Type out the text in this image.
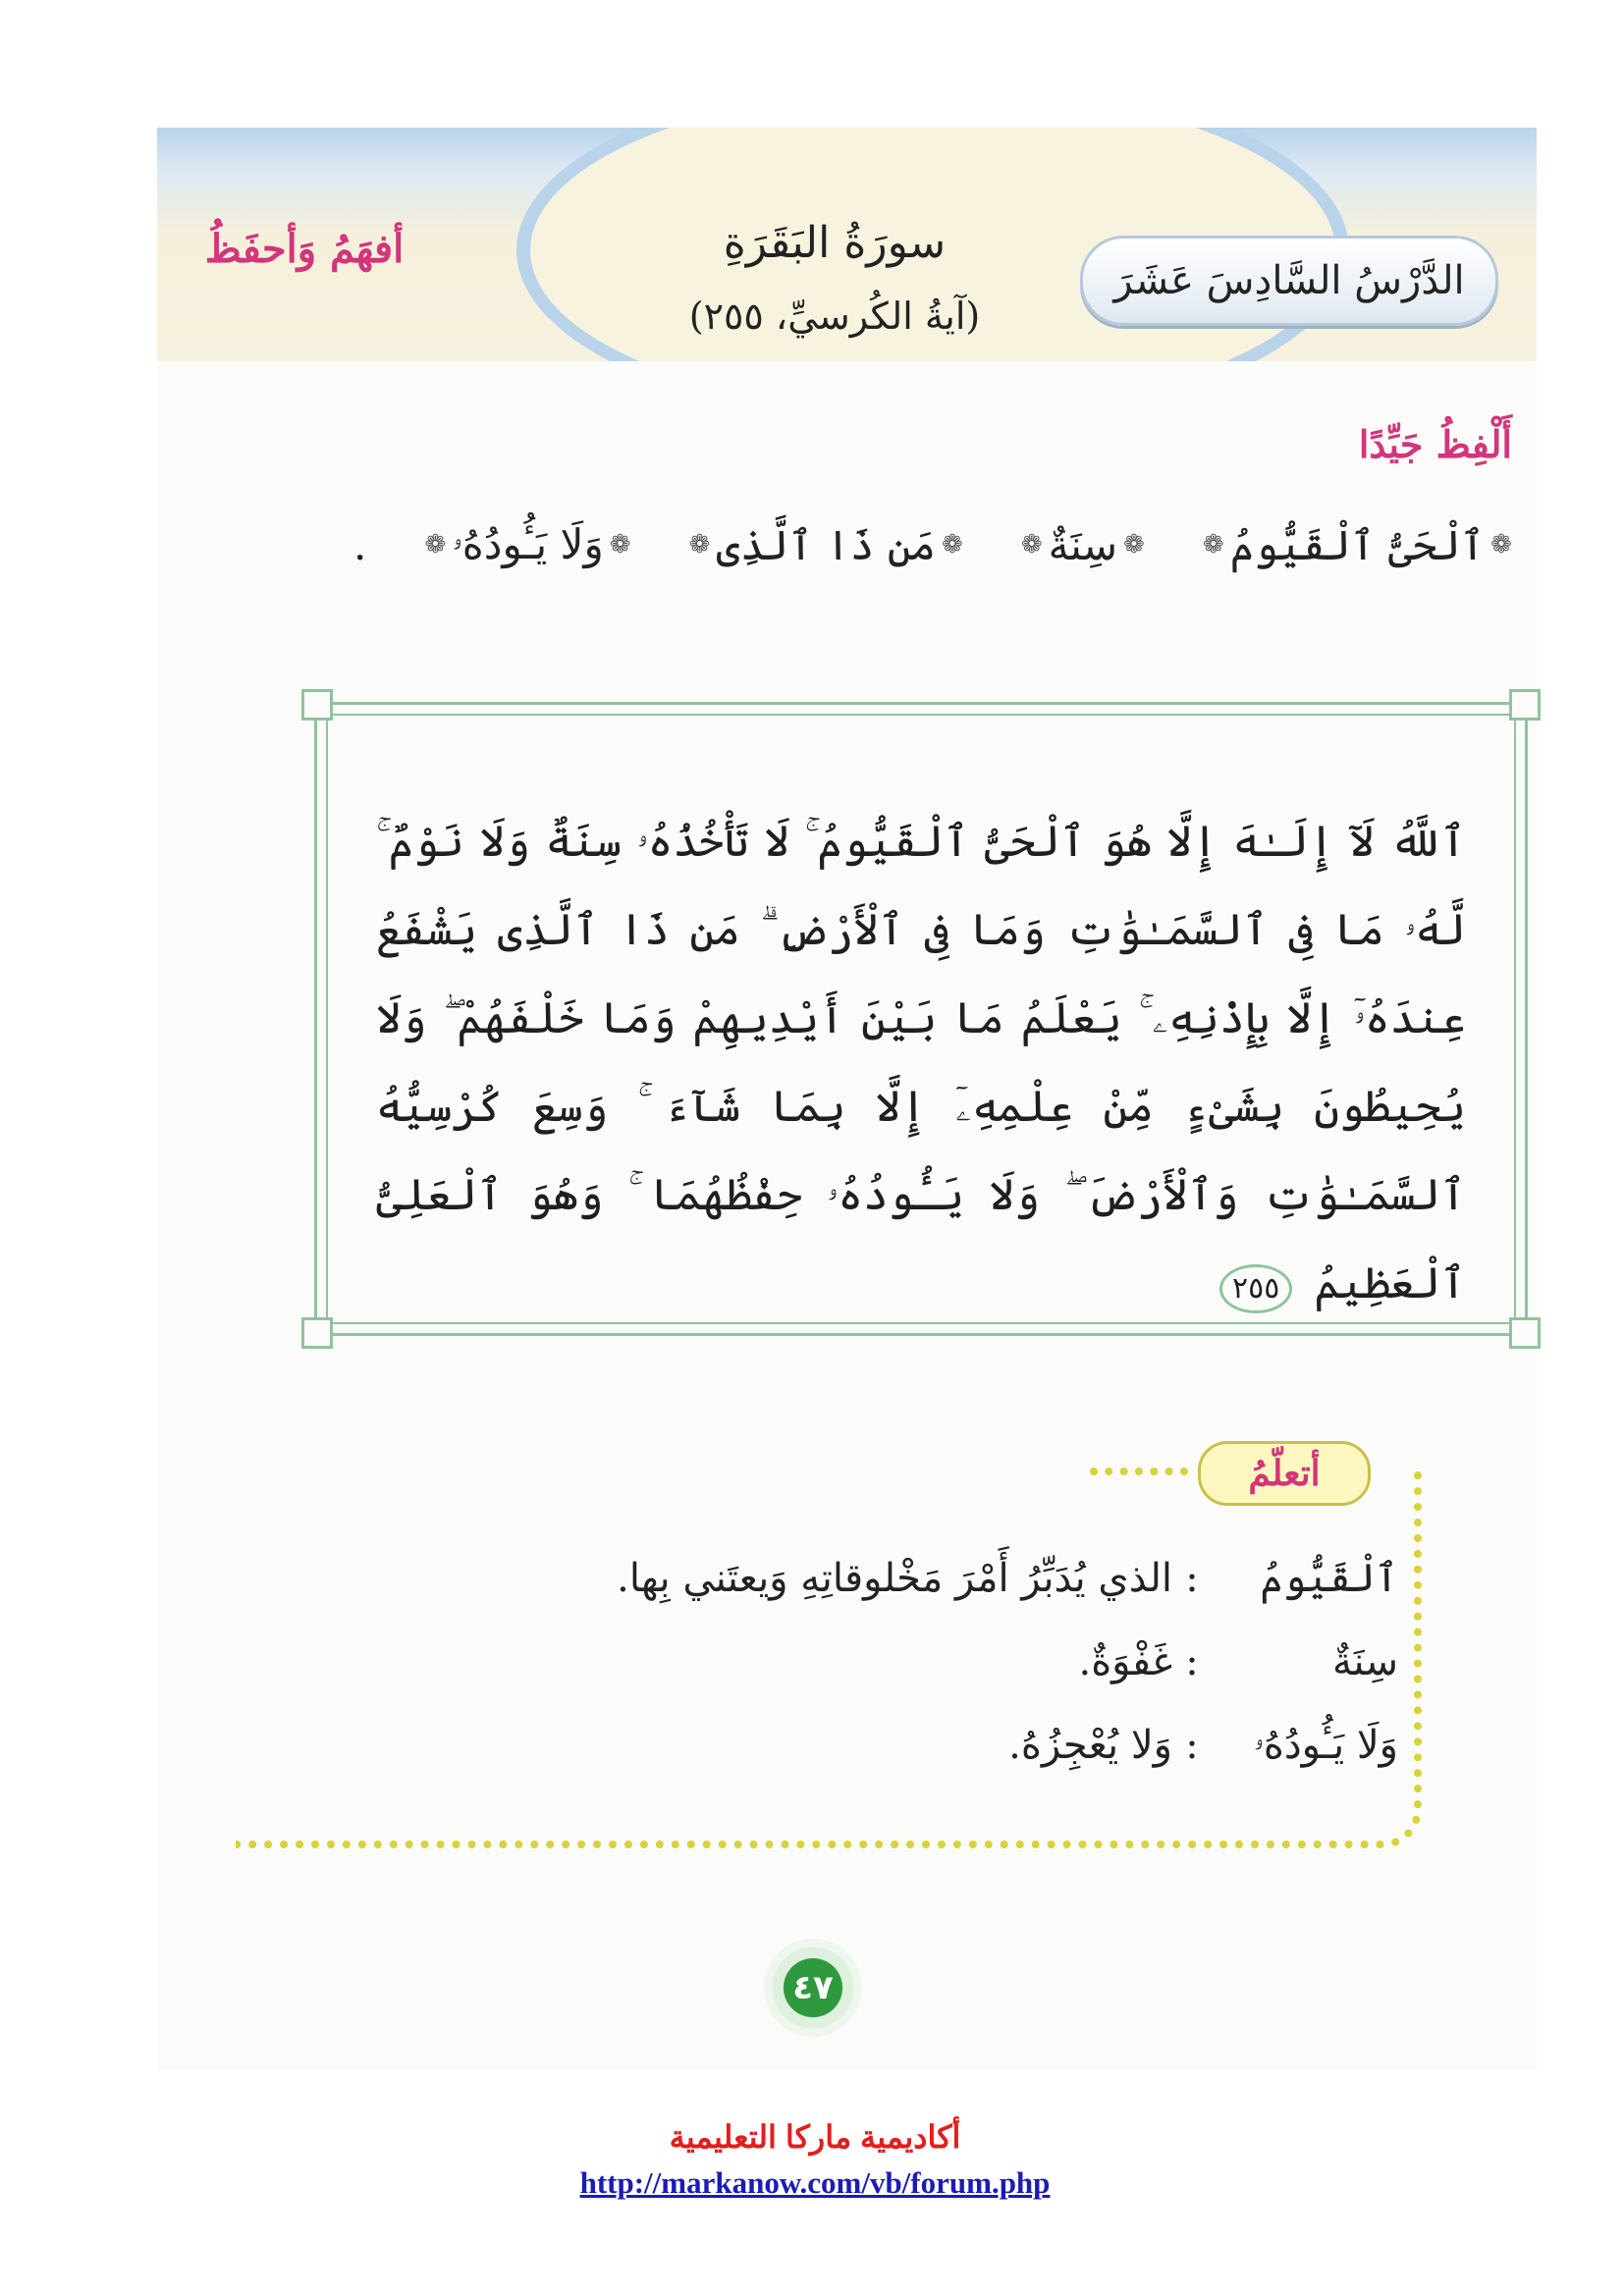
الدَّرْسُ السَّادِسَ عَشَرَ
سورَةُ البَقَرَةِ
(آيةُ الكُرسيِّ، ٢٥٥)
أفهَمُ وَأحفَظُ
أَلْفِظُ جَيِّدًا
❁
ٱلْحَىُّ ٱلْقَيُّومُ
❁
❁
سِنَةٌ
❁
❁
مَن ذَا ٱلَّذِى
❁
❁
وَلَا يَـُٔودُهُۥ
❁
.
ٱللَّهُ لَآ إِلَـٰهَ إِلَّا هُوَ ٱلْحَىُّ ٱلْقَيُّومُ ۚ لَا تَأْخُذُهُۥ سِنَةٌ وَلَا نَوْمٌ ۚ لَّهُۥ مَا فِى ٱلسَّمَـٰوَٰتِ وَمَا فِى ٱلْأَرْضِ ۗ مَن ذَا ٱلَّذِى يَشْفَعُ عِندَهُۥٓ إِلَّا بِإِذْنِهِۦ ۚ يَعْلَمُ مَا بَيْنَ أَيْدِيهِمْ وَمَا خَلْفَهُمْ ۖ وَلَا يُحِيطُونَ بِشَىْءٍ مِّنْ عِلْمِهِۦٓ إِلَّا بِمَا شَآءَ ۚ وَسِعَ كُرْسِيُّهُ ٱلسَّمَـٰوَٰتِ وَٱلْأَرْضَ ۖ وَلَا يَـُٔودُهُۥ حِفْظُهُمَا ۚ وَهُوَ ٱلْعَلِىُّ ٱلْعَظِيمُ ٢٥٥
أتعلّمُ
ٱلْقَيُّومُ
:
الذي يُدَبِّرُ أَمْرَ مَخْلوقاتِهِ وَيعتَني بِها.
سِنَةٌ
:
غَفْوَةٌ.
وَلَا يَـُٔودُهُۥ
:
وَلا يُعْجِزُهُ.
٤٧
أكاديمية ماركا التعليمية
http://markanow.com/vb/forum.php
